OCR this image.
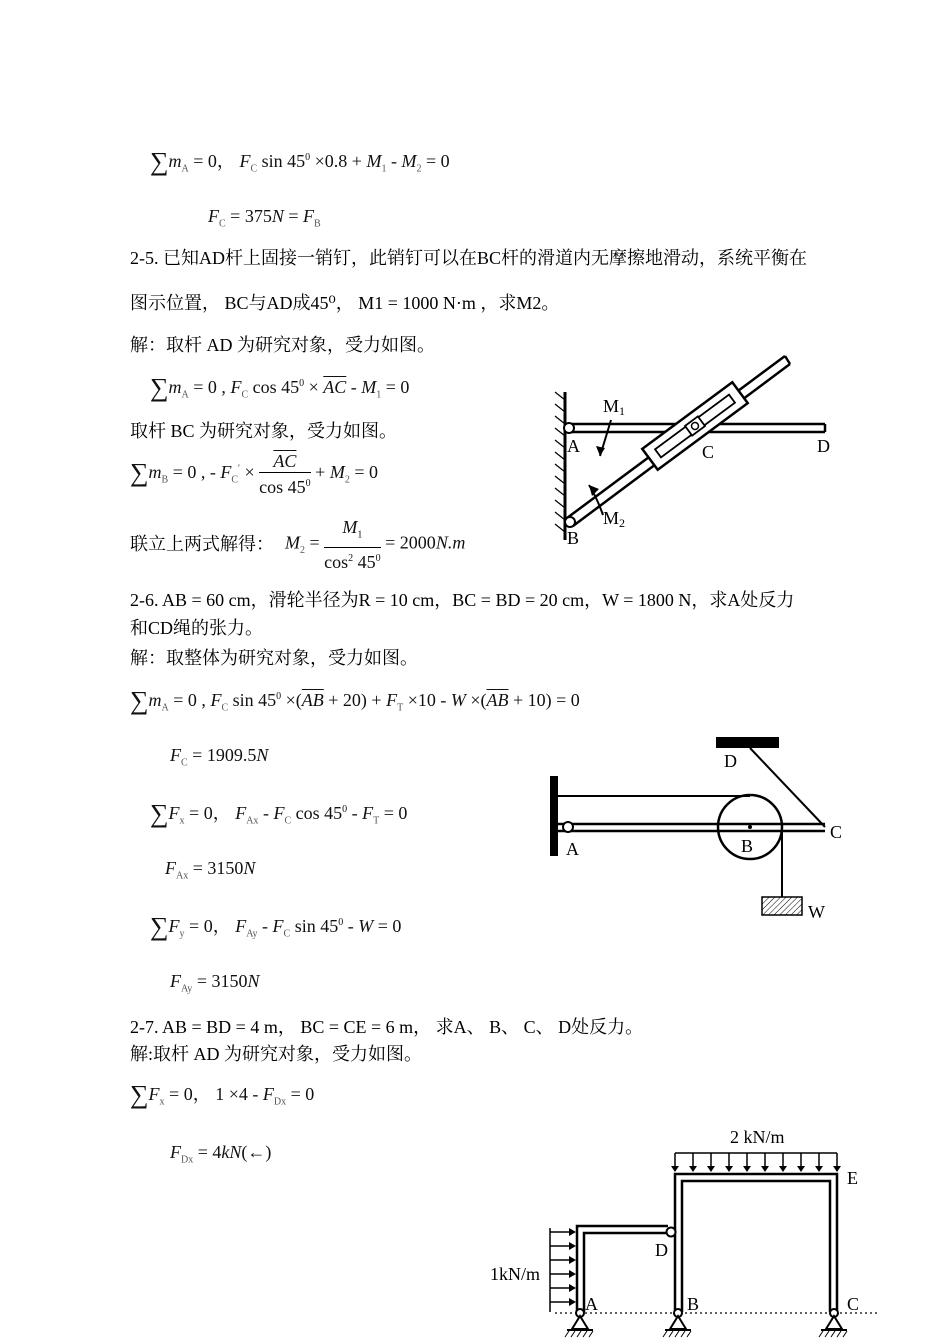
$\sum m_A = 0$， $F_C$ $\sin 45^0 \times 0.8 + M_1 - M_2 = 0$
$F_C = 375N = F_B$
2-5. 已知AD杆上固接一销钉，此销钉可以在BC杆的滑道内无摩擦地滑动，系统平衡在
图示位置， BC与AD成45⁰， M1 = 1000 N·m ，求M2。
解：取杆 AD 为研究对象，受力如图。
$\sum m_A = 0$ , $F_C$ $\cos 45^0 \times \overline{AC} - M_1 = 0$
取杆 BC 为研究对象，受力如图。
$\sum m_B = 0$ , - $F_C' \times \frac{\overline{AC}}{\cos 45^0} + M_2 = 0$
联立上两式解得： $M_2 = \frac{M_1}{\cos^2 45^0} = 2000N.m$
A
B
C	D
M1
M2
2-6. AB = 60 cm，滑轮半径为R = 10 cm，BC = BD = 20 cm，W = 1800 N，求A处反力
和CD绳的张力。
解：取整体为研究对象，受力如图。
$\sum m_A = 0$ , $F_C$ $\sin 45^0 \times(\overline{AB} + 20) + F_T \times 10 - W \times(\overline{AB} + 10) = 0$
$F_C = 1909.5N$
$\sum F_x = 0$， $F_{Ax} - F_C$ $\cos 45^0 - F_T = 0$
$F_{Ax} = 3150N$
$\sum F_y = 0$， $F_{Ay} - F_C$ $\sin 45^0 - W = 0$
$F_{Ay} = 3150N$
A	B
C
D
W
2-7. AB = BD = 4 m， BC = CE = 6 m， 求A、 B、 C、 D处反力。
解:取杆 AD 为研究对象，受力如图。
$\sum F_x = 0$， $1 \times 4 - F_{Dx} = 0$
$F_{Dx}$ = 4kN(←)
2 kN/m
1kN/m
A	B	C
D
E
